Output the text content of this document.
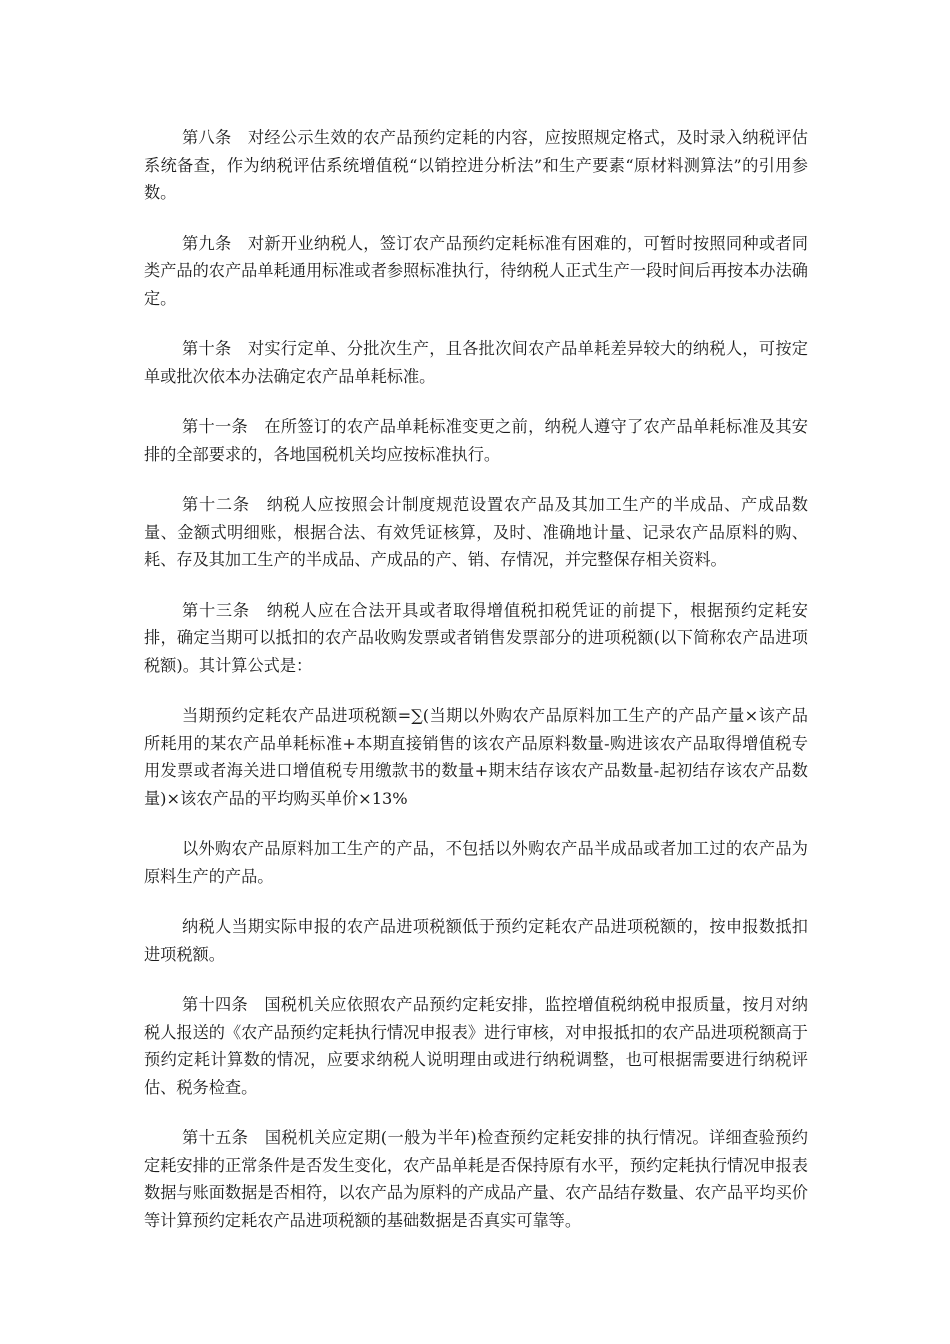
第八条　对经公示生效的农产品预约定耗的内容，应按照规定格式，及时录入纳税评估系统备查，作为纳税评估系统增值税“以销控进分析法”和生产要素“原材料测算法”的引用参数。

第九条　对新开业纳税人，签订农产品预约定耗标准有困难的，可暂时按照同种或者同类产品的农产品单耗通用标准或者参照标准执行，待纳税人正式生产一段时间后再按本办法确定。

第十条　对实行定单、分批次生产，且各批次间农产品单耗差异较大的纳税人，可按定单或批次依本办法确定农产品单耗标准。

第十一条　在所签订的农产品单耗标准变更之前，纳税人遵守了农产品单耗标准及其安排的全部要求的，各地国税机关均应按标准执行。

第十二条　纳税人应按照会计制度规范设置农产品及其加工生产的半成品、产成品数量、金额式明细账，根据合法、有效凭证核算，及时、准确地计量、记录农产品原料的购、耗、存及其加工生产的半成品、产成品的产、销、存情况，并完整保存相关资料。

第十三条　纳税人应在合法开具或者取得增值税扣税凭证的前提下，根据预约定耗安排，确定当期可以抵扣的农产品收购发票或者销售发票部分的进项税额(以下简称农产品进项税额)。其计算公式是：

当期预约定耗农产品进项税额=∑(当期以外购农产品原料加工生产的产品产量×该产品所耗用的某农产品单耗标准+本期直接销售的该农产品原料数量-购进该农产品取得增值税专用发票或者海关进口增值税专用缴款书的数量+期末结存该农产品数量-起初结存该农产品数量)×该农产品的平均购买单价×13%

以外购农产品原料加工生产的产品，不包括以外购农产品半成品或者加工过的农产品为原料生产的产品。

纳税人当期实际申报的农产品进项税额低于预约定耗农产品进项税额的，按申报数抵扣进项税额。

第十四条　国税机关应依照农产品预约定耗安排，监控增值税纳税申报质量，按月对纳税人报送的《农产品预约定耗执行情况申报表》进行审核，对申报抵扣的农产品进项税额高于预约定耗计算数的情况，应要求纳税人说明理由或进行纳税调整，也可根据需要进行纳税评估、税务检查。

第十五条　国税机关应定期(一般为半年)检查预约定耗安排的执行情况。详细查验预约定耗安排的正常条件是否发生变化，农产品单耗是否保持原有水平，预约定耗执行情况申报表数据与账面数据是否相符，以农产品为原料的产成品产量、农产品结存数量、农产品平均买价等计算预约定耗农产品进项税额的基础数据是否真实可靠等。
